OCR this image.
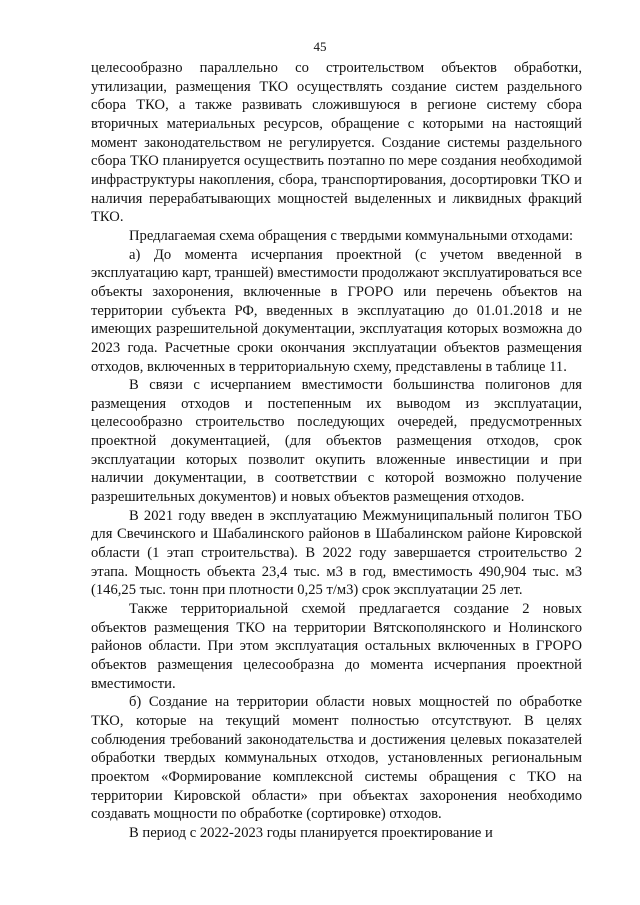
45

целесообразно параллельно со строительством объектов обработки, утилизации, размещения ТКО осуществлять создание систем раздельного сбора ТКО, а также развивать сложившуюся в регионе систему сбора вторичных материальных ресурсов, обращение с которыми на настоящий момент законодательством не регулируется. Создание системы раздельного сбора ТКО планируется осуществить поэтапно по мере создания необходимой инфраструктуры накопления, сбора, транспортирования, досортировки ТКО и наличия перерабатывающих мощностей выделенных и ликвидных фракций ТКО.

Предлагаемая схема обращения с твердыми коммунальными отходами:

а) До момента исчерпания проектной (с учетом введенной в эксплуатацию карт, траншей) вместимости продолжают эксплуатироваться все объекты захоронения, включенные в ГРОРО или перечень объектов на территории субъекта РФ, введенных в эксплуатацию до 01.01.2018 и не имеющих разрешительной документации, эксплуатация которых возможна до 2023 года. Расчетные сроки окончания эксплуатации объектов размещения отходов, включенных в территориальную схему, представлены в таблице 11.

В связи с исчерпанием вместимости большинства полигонов для размещения отходов и постепенным их выводом из эксплуатации, целесообразно строительство последующих очередей, предусмотренных проектной документацией, (для объектов размещения отходов, срок эксплуатации которых позволит окупить вложенные инвестиции и при наличии документации, в соответствии с которой возможно получение разрешительных документов) и новых объектов размещения отходов.

В 2021 году введен в эксплуатацию Межмуниципальный полигон ТБО для Свечинского и Шабалинского районов в Шабалинском районе Кировской области (1 этап строительства). В 2022 году завершается строительство 2 этапа. Мощность объекта 23,4 тыс. м3 в год, вместимость 490,904 тыс. м3 (146,25 тыс. тонн при плотности 0,25 т/м3) срок эксплуатации 25 лет.

Также территориальной схемой предлагается создание 2 новых объектов размещения ТКО на территории Вятскополянского и Нолинского районов области. При этом эксплуатация остальных включенных в ГРОРО объектов размещения целесообразна до момента исчерпания проектной вместимости.

б) Создание на территории области новых мощностей по обработке ТКО, которые на текущий момент полностью отсутствуют. В целях соблюдения требований законодательства и достижения целевых показателей обработки твердых коммунальных отходов, установленных региональным проектом «Формирование комплексной системы обращения с ТКО на территории Кировской области» при объектах захоронения необходимо создавать мощности по обработке (сортировке) отходов.

В период с 2022-2023 годы планируется проектирование и
